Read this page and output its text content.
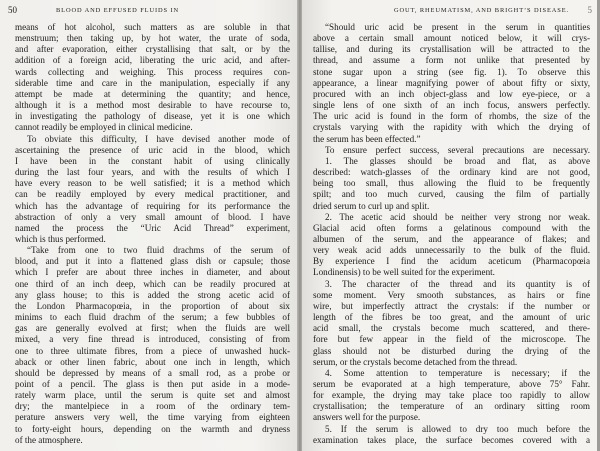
50	BLOOD AND EFFUSED FLUIDS IN
means of hot alcohol, such matters as are soluble in that
menstruum; then taking up, by hot water, the urate of soda,
and after evaporation, either crystallising that salt, or by the
addition of a foreign acid, liberating the uric acid, and after-
wards collecting and weighing. This process requires con-
siderable time and care in the manipulation, especially if any
attempt be made at determining the quantity; and hence,
although it is a method most desirable to have recourse to,
in investigating the pathology of disease, yet it is one which
cannot readily be employed in clinical medicine.
To obviate this difficulty, I have devised another mode of
ascertaining the presence of uric acid in the blood, which
I have been in the constant habit of using clinically
during the last four years, and with the results of which I
have every reason to be well satisfied; it is a method which
can be readily employed by every medical practitioner, and
which has the advantage of requiring for its performance the
abstraction of only a very small amount of blood. I have
named the process the “Uric Acid Thread” experiment,
which is thus performed.
“Take from one to two fluid drachms of the serum of
blood, and put it into a flattened glass dish or capsule; those
which I prefer are about three inches in diameter, and about
one third of an inch deep, which can be readily procured at
any glass house; to this is added the strong acetic acid of
the London Pharmacopœia, in the proportion of about six
minims to each fluid drachm of the serum; a few bubbles of
gas are generally evolved at first; when the fluids are well
mixed, a very fine thread is introduced, consisting of from
one to three ultimate fibres, from a piece of unwashed huck-
aback or other linen fabric, about one inch in length, which
should be depressed by means of a small rod, as a probe or
point of a pencil. The glass is then put aside in a mode-
rately warm place, until the serum is quite set and almost
dry; the mantelpiece in a room of the ordinary tem-
perature answers very well, the time varying from eighteen
to forty-eight hours, depending on the warmth and dryness
of the atmosphere.
GOUT, RHEUMATISM, AND BRIGHT’S DISEASE. 5
“Should uric acid be present in the serum in quantities
above a certain small amount noticed below, it will crys-
tallise, and during its crystallisation will be attracted to the
thread, and assume a form not unlike that presented by
stone sugar upon a string (see fig. 1). To observe this
appearance, a linear magnifying power of about fifty or sixty,
procured with an inch object-glass and low eye-piece, or a
single lens of one sixth of an inch focus, answers perfectly.
The uric acid is found in the form of rhombs, the size of the
crystals varying with the rapidity with which the drying of
the serum has been effected.”
To ensure perfect success, several precautions are necessary.
1. The glasses should be broad and flat, as above
described: watch-glasses of the ordinary kind are not good,
being too small, thus allowing the fluid to be frequently
spilt; and too much curved, causing the film of partially
dried serum to curl up and split.
2. The acetic acid should be neither very strong nor weak.
Glacial acid often forms a gelatinous compound with the
albumen of the serum, and the appearance of flakes; and
very weak acid adds unnecessarily to the bulk of the fluid.
By experience I find the acidum aceticum (Pharmacopœia
Londinensis) to be well suited for the experiment.
3. The character of the thread and its quantity is of
some moment. Very smooth substances, as hairs or fine
wire, but imperfectly attract the crystals: if the number or
length of the fibres be too great, and the amount of uric
acid small, the crystals become much scattered, and there-
fore but few appear in the field of the microscope. The
glass should not be disturbed during the drying of the
serum, or the crystals become detached from the thread.
4. Some attention to temperature is necessary; if the
serum be evaporated at a high temperature, above 75° Fahr.
for example, the drying may take place too rapidly to allow
crystallisation; the temperature of an ordinary sitting room
answers well for the purpose.
5. If the serum is allowed to dry too much before the
examination takes place, the surface becomes covered with a
